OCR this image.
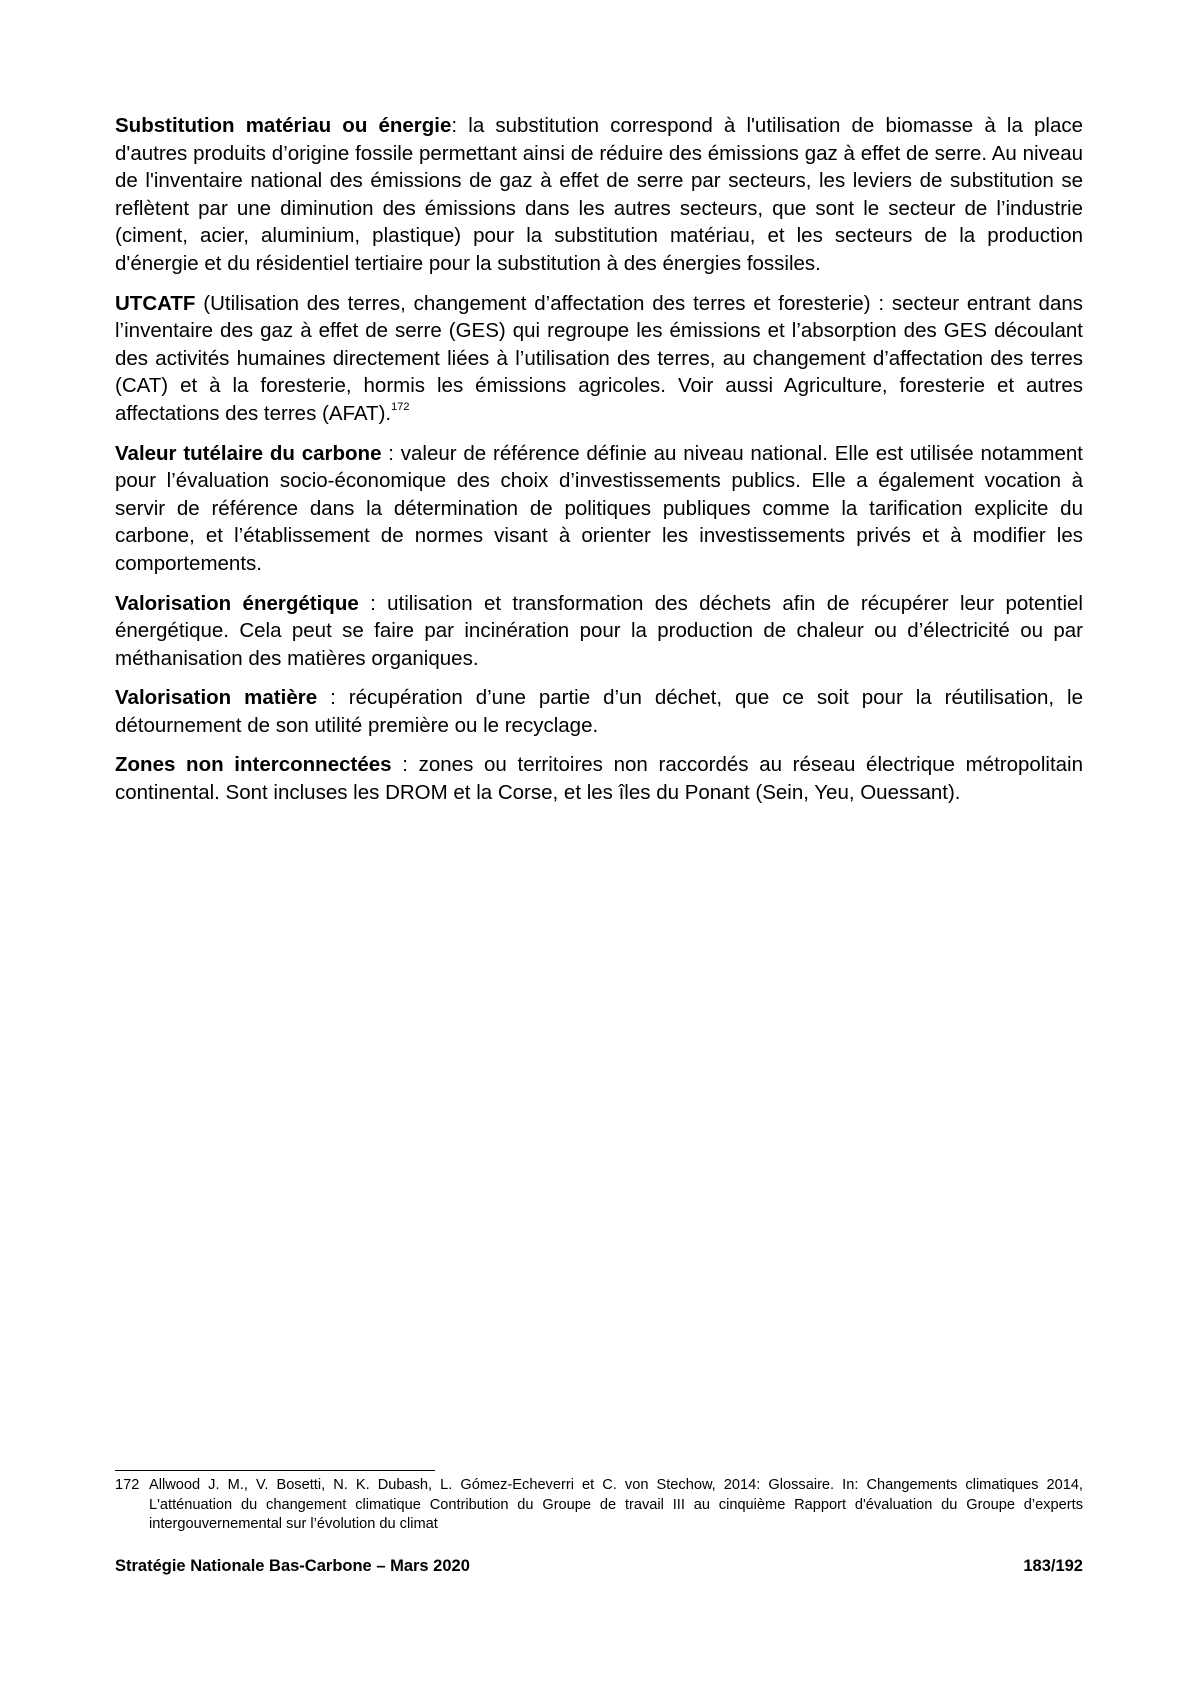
Substitution matériau ou énergie: la substitution correspond à l'utilisation de biomasse à la place d'autres produits d’origine fossile permettant ainsi de réduire des émissions gaz à effet de serre. Au niveau de l'inventaire national des émissions de gaz à effet de serre par secteurs, les leviers de substitution se reflètent par une diminution des émissions dans les autres secteurs, que sont le secteur de l’industrie (ciment, acier, aluminium, plastique) pour la substitution matériau, et les secteurs de la production d'énergie et du résidentiel tertiaire pour la substitution à des énergies fossiles.

UTCATF (Utilisation des terres, changement d’affectation des terres et foresterie) : secteur entrant dans l’inventaire des gaz à effet de serre (GES) qui regroupe les émissions et l’absorption des GES découlant des activités humaines directement liées à l’utilisation des terres, au changement d’affectation des terres (CAT) et à la foresterie, hormis les émissions agricoles. Voir aussi Agriculture, foresterie et autres affectations des terres (AFAT).$^{172}$

Valeur tutélaire du carbone : valeur de référence définie au niveau national. Elle est utilisée notamment pour l’évaluation socio-économique des choix d’investissements publics. Elle a également vocation à servir de référence dans la détermination de politiques publiques comme la tarification explicite du carbone, et l’établissement de normes visant à orienter les investissements privés et à modifier les comportements.

Valorisation énergétique : utilisation et transformation des déchets afin de récupérer leur potentiel énergétique. Cela peut se faire par incinération pour la production de chaleur ou d’électricité ou par méthanisation des matières organiques.

Valorisation matière : récupération d’une partie d’un déchet, que ce soit pour la réutilisation, le détournement de son utilité première ou le recyclage.

Zones non interconnectées : zones ou territoires non raccordés au réseau électrique métropolitain continental. Sont incluses les DROM et la Corse, et les îles du Ponant (Sein, Yeu, Ouessant).

172 Allwood J. M., V. Bosetti, N. K. Dubash, L. Gómez-Echeverri et C. von Stechow, 2014: Glossaire. In: Changements climatiques 2014, L'atténuation du changement climatique Contribution du Groupe de travail III au cinquième Rapport d'évaluation du Groupe d’experts intergouvernemental sur l’évolution du climat
Stratégie Nationale Bas-Carbone – Mars 2020	183/192
